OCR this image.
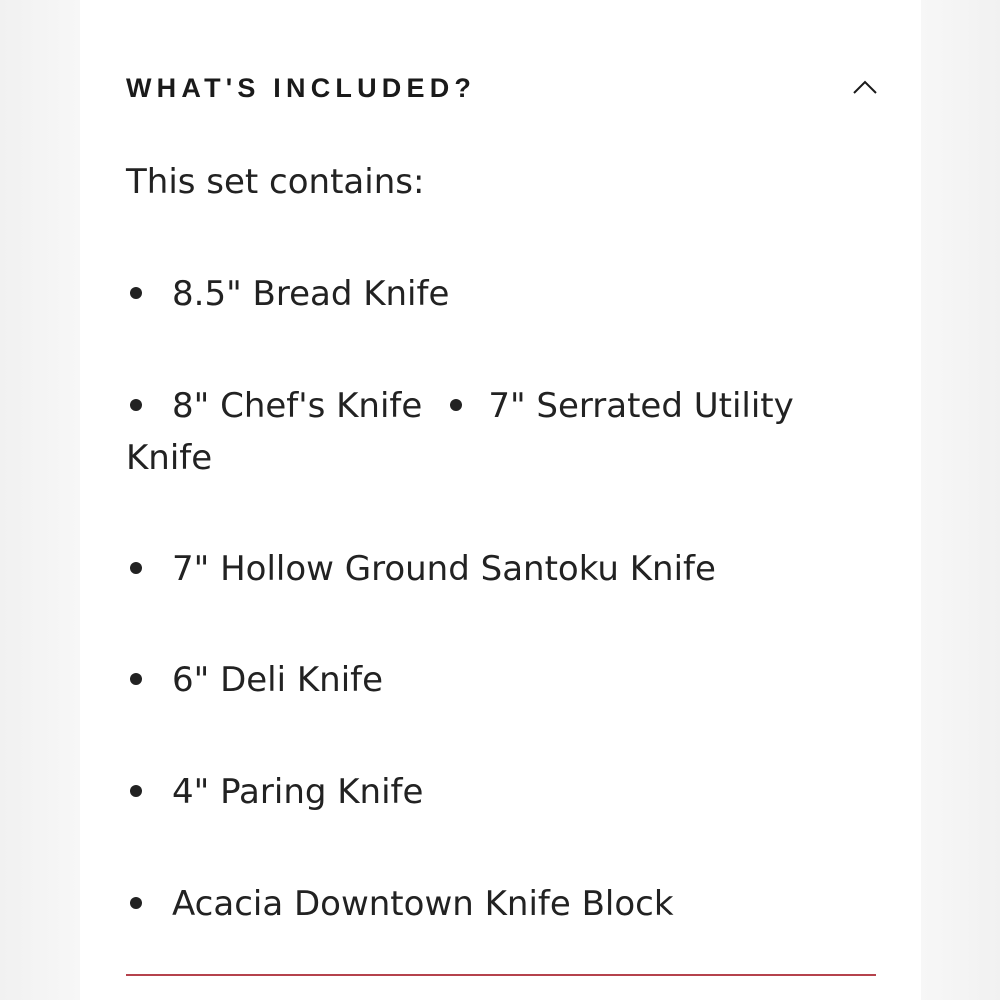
WHAT'S INCLUDED?
This set contains:
8.5" Bread Knife
8" Chef's Knife 7" Serrated Utility
Knife
7" Hollow Ground Santoku Knife
6" Deli Knife
4" Paring Knife
Acacia Downtown Knife Block
